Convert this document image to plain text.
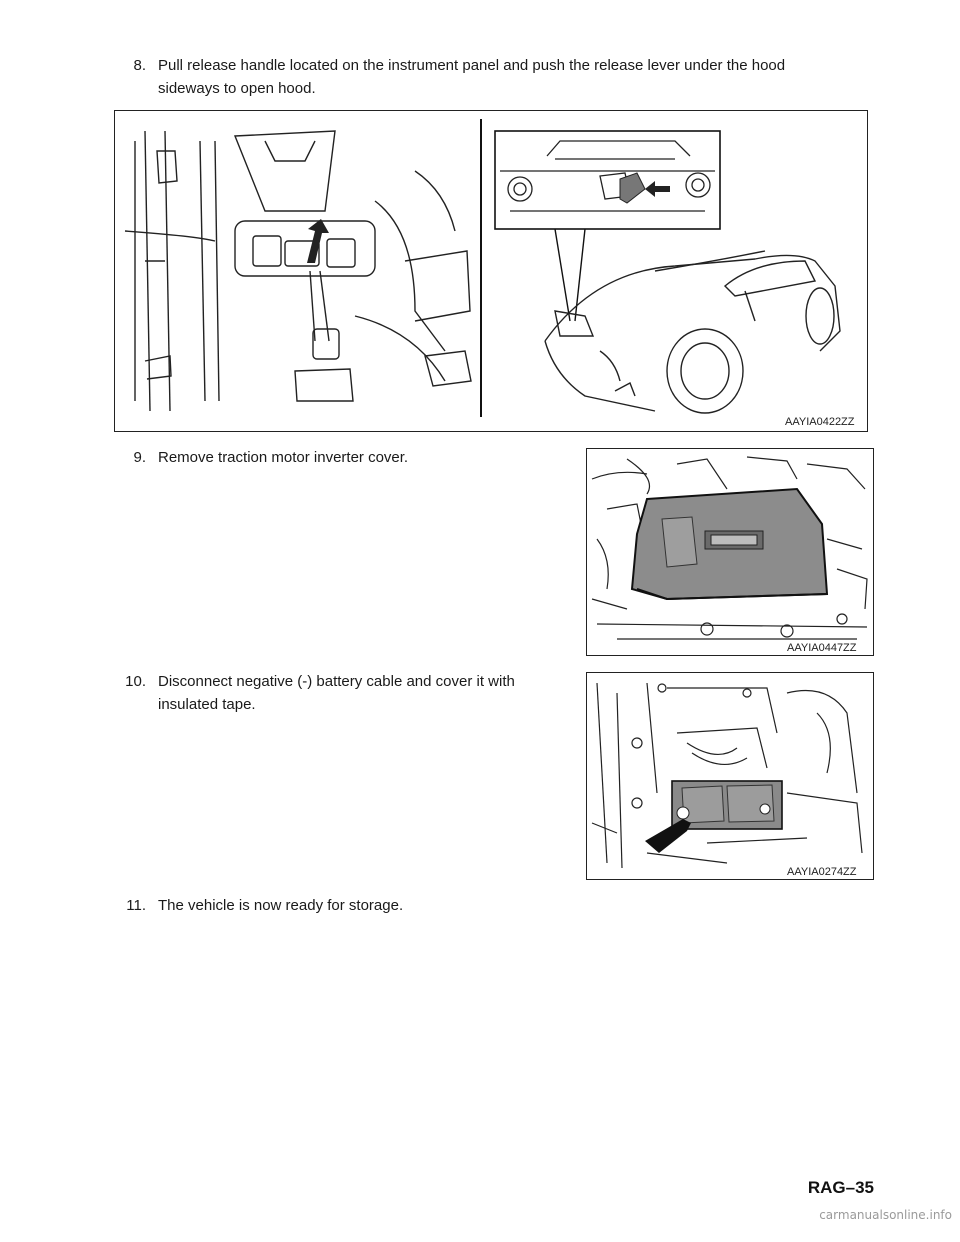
8. Pull release handle located on the instrument panel and push the release lever under the hood
sideways to open hood.
AAYIA0422ZZ
9. Remove traction motor inverter cover.
AAYIA0447ZZ
10. Disconnect negative (-) battery cable and cover it with
insulated tape.
AAYIA0274ZZ
11. The vehicle is now ready for storage.
RAG–35
carmanualsonline.info
